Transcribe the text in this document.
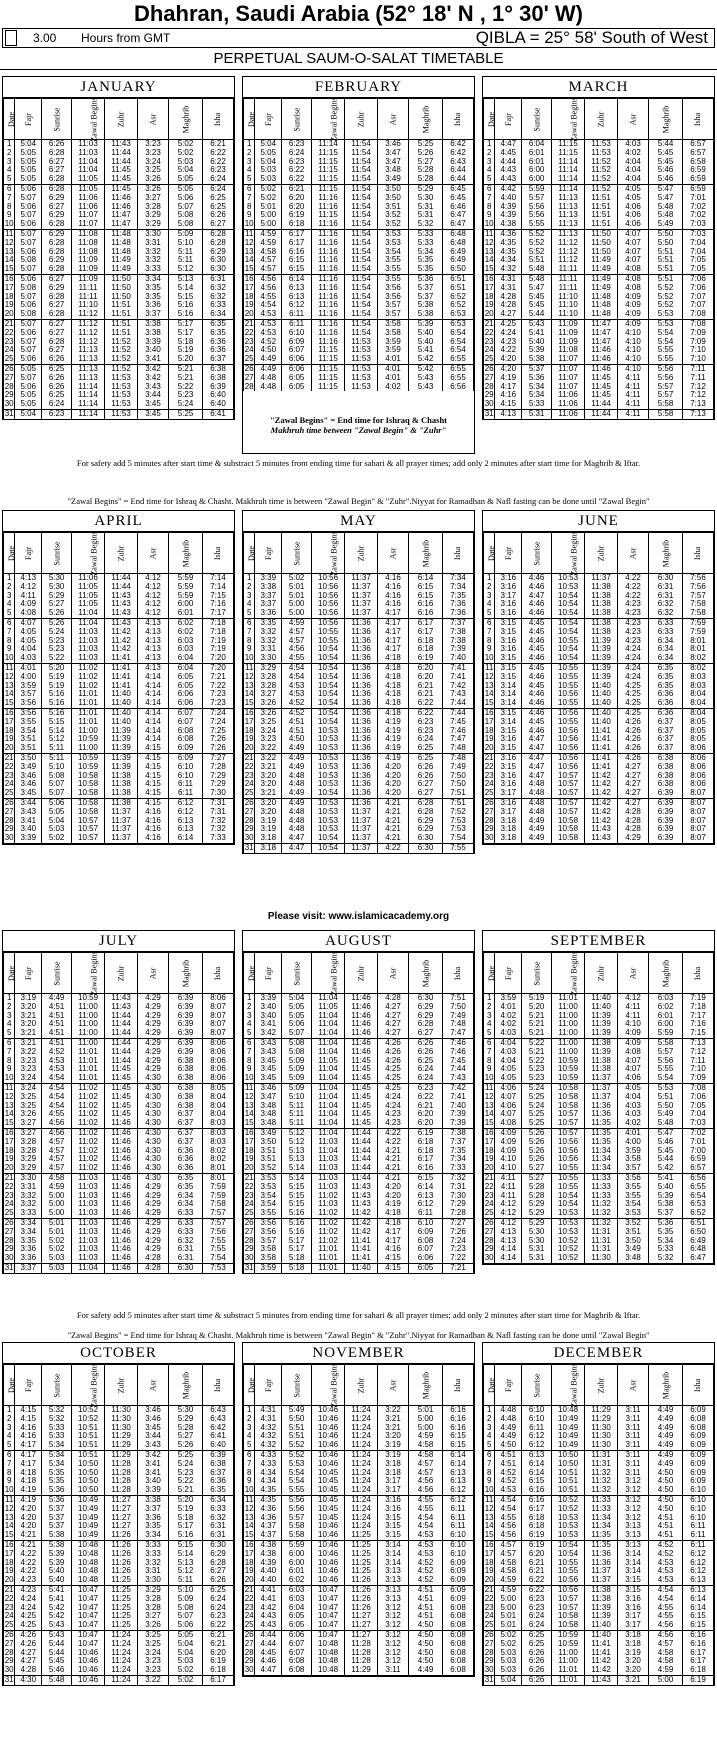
Dhahran, Saudi Arabia (52° 18' N , 1° 30' W)
3.00 Hours from GMT	QIBLA = 25° 58' South of West
PERPETUAL SAUM-O-SALAT TIMETABLE
JANUARY
Date	Fajr	Sunrise	Zawal Begins	Zuhr	Asr	Maghrib	Isha
1	5:04	6:26	11:03	11:43	3:23	5:02	6:21
2	5:05	6:28	11:03	11:44	3:23	5:02	6:22
3	5:05	6:27	11:04	11:44	3:24	5:03	6:22
4	5:05	6:27	11:04	11:45	3:25	5:04	6:23
5	5:05	6:28	11:05	11:45	3:26	5:05	6:24
6	5:06	6:28	11:05	11:45	3:26	5:05	6:24
7	5:07	6:29	11:06	11:46	3:27	5:06	6:25
8	5:06	6:27	11:06	11:46	3:28	5:07	6:25
9	5:07	6:29	11:07	11:47	3:29	5:08	6:26
10	5:06	6:28	11:07	11:47	3:29	5:08	6:27
11	5:07	6:29	11:08	11:48	3:30	5:09	6:28
12	5:07	6:28	11:08	11:48	3:31	5:10	6:28
13	5:06	6:28	11:08	11:48	3:32	5:11	6:29
14	5:08	6:29	11:09	11:49	3:32	5:11	6:30
15	5:07	6:28	11:09	11:49	3:33	5:12	6:30
16	5:06	6:27	11:09	11:50	3:34	5:13	6:31
17	5:08	6:29	11:11	11:50	3:35	5:14	6:32
18	5:07	6:28	11:11	11:50	3:35	5:15	6:32
19	5:06	6:27	11:10	11:51	3:36	5:16	6:33
20	5:08	6:28	11:12	11:51	3:37	5:16	6:34
21	5:07	6:27	11:12	11:51	3:38	5:17	6:35
22	5:06	6:27	11:12	11:51	3:38	5:17	6:35
23	5:07	6:28	11:12	11:52	3:39	5:18	6:36
24	5:07	6:27	11:13	11:52	3:40	5:19	6:36
25	5:06	6:26	11:13	11:52	3:41	5:20	6:37
26	5:05	6:25	11:13	11:52	3:42	5:21	6:38
27	5:07	6:26	11:13	11:53	3:42	5:21	6:38
28	5:06	6:26	11:14	11:53	3:43	5:22	6:39
29	5:05	6:25	11:14	11:53	3:44	5:23	6:40
30	5:05	6:24	11:14	11:53	3:45	5:24	6:40
31	5:04	6:23	11:14	11:53	3:45	5:25	6:41
FEBRUARY
Date	Fajr	Sunrise	Zawal Begins	Zuhr	Asr	Maghrib	Isha
1	5:04	6:23	11:14	11:54	3:46	5:25	6:42
2	5:05	6:24	11:15	11:54	3:47	5:26	6:42
3	5:04	6:23	11:15	11:54	3:47	5:27	6:43
4	5:03	6:22	11:15	11:54	3:48	5:28	6:44
5	5:03	6:22	11:15	11:54	3:49	5:28	6:44
6	5:02	6:21	11:15	11:54	3:50	5:29	6:45
7	5:02	6:20	11:16	11:54	3:50	5:30	6:45
8	5:01	6:20	11:16	11:54	3:51	5:31	6:46
9	5:00	6:19	11:15	11:54	3:52	5:31	6:47
10	5:00	6:18	11:16	11:54	3:52	5:32	6:47
11	4:59	6:17	11:16	11:54	3:53	5:33	6:48
12	4:59	6:17	11:16	11:54	3:53	5:33	6:48
13	4:58	6:16	11:16	11:54	3:54	5:34	6:49
14	4:57	6:15	11:16	11:54	3:55	5:35	6:49
15	4:57	6:15	11:16	11:54	3:55	5:35	6:50
16	4:56	6:14	11:16	11:54	3:55	5:36	6:51
17	4:56	6:13	11:16	11:54	3:56	5:37	6:51
18	4:55	6:13	11:16	11:54	3:56	5:37	6:52
19	4:54	6:12	11:16	11:54	3:57	5:38	6:52
20	4:53	6:11	11:16	11:54	3:57	5:38	6:53
21	4:53	6:11	11:16	11:54	3:58	5:39	6:53
22	4:53	6:10	11:16	11:54	3:58	5:40	6:54
23	4:52	6:09	11:16	11:53	3:59	5:40	6:54
24	4:50	6:07	11:15	11:53	3:59	5:41	6:54
25	4:49	6:06	11:15	11:53	4:01	5:42	6:55
26	4:49	6:06	11:15	11:53	4:01	5:42	6:55
27	4:48	6:05	11:15	11:53	4:01	5:43	6:55
28	4:48	6:05	11:15	11:53	4:02	5:43	6:56
"Zawal Begins" = End time for Ishraq & Chasht
Makhruh time between "Zawal Begin" & "Zuhr"
MARCH
Date	Fajr	Sunrise	Zawal Begins	Zuhr	Asr	Maghrib	Isha
1	4:47	6:04	11:15	11:53	4:03	5:44	6:57
2	4:45	6:01	11:15	11:53	4:02	5:45	6:57
3	4:44	6:01	11:14	11:52	4:04	5:45	6:58
4	4:43	6:00	11:14	11:52	4:04	5:46	6:59
5	4:43	6:00	11:14	11:52	4:04	5:46	6:59
6	4:42	5:59	11:14	11:52	4:05	5:47	6:59
7	4:40	5:57	11:13	11:51	4:05	5:47	7:01
8	4:39	5:56	11:13	11:51	4:06	5:48	7:02
9	4:39	5:56	11:13	11:51	4:06	5:48	7:02
10	4:38	5:55	11:13	11:51	4:06	5:49	7:03
11	4:36	5:52	11:13	11:50	4:07	5:50	7:03
12	4:35	5:52	11:12	11:50	4:07	5:50	7:04
13	4:35	5:52	11:12	11:50	4:07	5:51	7:04
14	4:34	5:51	11:12	11:49	4:07	5:51	7:05
15	4:32	5:48	11:11	11:49	4:08	5:51	7:05
16	4:31	5:48	11:11	11:49	4:08	5:51	7:06
17	4:31	5:47	11:11	11:49	4:08	5:52	7:06
18	4:28	5:45	11:10	11:48	4:09	5:52	7:07
19	4:28	5:45	11:10	11:48	4:09	5:52	7:07
20	4:27	5:44	11:10	11:48	4:09	5:53	7:08
21	4:25	5:43	11:09	11:47	4:09	5:53	7:08
22	4:24	5:41	11:09	11:47	4:10	5:54	7:09
23	4:23	5:40	11:09	11:47	4:10	5:54	7:09
24	4:22	5:39	11:08	11:46	4:10	5:55	7:10
25	4:20	5:38	11:07	11:46	4:10	5:55	7:10
26	4:20	5:37	11:07	11:46	4:10	5:56	7:11
27	4:19	5:36	11:07	11:45	4:11	5:56	7:11
28	4:17	5:34	11:07	11:45	4:11	5:57	7:12
29	4:16	5:34	11:06	11:45	4:11	5:57	7:12
30	4:15	5:33	11:06	11:44	4:11	5:58	7:13
31	4:13	5:31	11:06	11:44	4:11	5:58	7:13
For safety add 5 minutes after start time & substract 5 minutes from ending time for sahari & all prayer times; add only 2 minutes after start time for Maghrib & Iftar.
"Zawal Begins" = End time for Ishraq & Chasht. Makhruh time is between "Zawal Begin" & "Zuhr".Niyyat for Ramadhan & Nafl fasting can be done until "Zawal Begin"
APRIL
Date	Fajr	Sunrise	Zawal Begins	Zuhr	Asr	Maghrib	Isha
1	4:13	5:30	11:06	11:44	4:12	5:59	7:14
2	4:12	5:30	11:05	11:44	4:12	5:59	7:14
3	4:11	5:29	11:05	11:43	4:12	5:59	7:15
4	4:09	5:27	11:05	11:43	4:12	6:00	7:16
5	4:08	5:26	11:04	11:43	4:12	6:01	7:17
6	4:07	5:26	11:04	11:43	4:13	6:02	7:18
7	4:05	5:24	11:03	11:42	4:13	6:02	7:18
8	4:05	5:23	11:03	11:42	4:13	6:03	7:19
9	4:04	5:23	11:03	11:42	4:13	6:03	7:19
10	4:03	5:22	11:03	11:41	4:13	6:04	7:20
11	4:01	5:20	11:02	11:41	4:13	6:04	7:20
12	4:00	5:19	11:02	11:41	4:14	6:05	7:21
13	3:59	5:19	11:02	11:41	4:14	6:05	7:22
14	3:57	5:16	11:01	11:40	4:14	6:06	7:23
15	3:56	5:16	11:01	11:40	4:14	6:06	7:23
16	3:56	5:16	11:01	11:40	4:14	6:07	7:24
17	3:55	5:15	11:01	11:40	4:14	6:07	7:24
18	3:54	5:14	11:00	11:39	4:14	6:08	7:25
19	3:51	5:12	10:59	11:39	4:14	6:08	7:26
20	3:51	5:11	11:00	11:39	4:15	6:09	7:26
21	3:50	5:11	10:59	11:39	4:15	6:09	7:27
22	3:49	5:10	10:59	11:39	4:15	6:10	7:28
23	3:46	5:08	10:58	11:38	4:15	6:10	7:29
24	3:46	5:07	10:58	11:38	4:15	6:11	7:29
25	3:45	5:07	10:58	11:38	4:15	6:11	7:30
26	3:44	5:06	10:58	11:38	4:15	6:12	7:31
27	3:43	5:05	10:58	11:37	4:16	6:12	7:31
28	3:41	5:04	10:57	11:37	4:16	6:13	7:32
29	3:40	5:03	10:57	11:37	4:16	6:13	7:32
30	3:39	5:02	10:57	11:37	4:16	6:14	7:33
MAY
Date	Fajr	Sunrise	Zawal Begins	Zuhr	Asr	Maghrib	Isha
1	3:39	5:02	10:56	11:37	4:16	6:14	7:34
2	3:38	5:01	10:56	11:37	4:16	6:15	7:34
3	3:37	5:01	10:56	11:37	4:16	6:15	7:35
4	3:37	5:00	10:56	11:37	4:16	6:16	7:36
5	3:36	5:00	10:56	11:37	4:17	6:16	7:36
6	3:35	4:59	10:56	11:36	4:17	6:17	7:37
7	3:32	4:57	10:55	11:36	4:17	6:17	7:38
8	3:32	4:57	10:55	11:36	4:17	6:18	7:38
9	3:31	4:56	10:54	11:36	4:17	6:18	7:39
10	3:30	4:55	10:54	11:36	4:18	6:19	7:40
11	3:29	4:54	10:54	11:36	4:18	6:20	7:41
12	3:28	4:54	10:54	11:36	4:18	6:20	7:41
13	3:28	4:53	10:54	11:36	4:18	6:21	7:42
14	3:27	4:53	10:54	11:36	4:18	6:21	7:43
15	3:26	4:52	10:54	11:36	4:18	6:22	7:44
16	3:26	4:52	10:54	11:36	4:18	6:22	7:44
17	3:25	4:51	10:54	11:36	4:19	6:23	7:45
18	3:24	4:51	10:53	11:36	4:19	6:23	7:46
19	3:23	4:50	10:53	11:36	4:19	6:24	7:47
20	3:22	4:49	10:53	11:36	4:19	6:25	7:48
21	3:22	4:49	10:53	11:36	4:19	6:25	7:48
22	3:21	4:49	10:53	11:36	4:20	6:26	7:49
23	3:20	4:48	10:53	11:36	4:20	6:26	7:50
24	3:20	4:48	10:53	11:36	4:20	6:27	7:50
25	3:21	4:49	10:54	11:36	4:20	6:27	7:51
26	3:20	4:49	10:53	11:36	4:21	6:28	7:51
27	3:20	4:48	10:53	11:37	4:21	6:28	7:52
28	3:19	4:48	10:53	11:37	4:21	6:29	7:53
29	3:19	4:48	10:53	11:37	4:21	6:29	7:53
30	3:18	4:47	10:54	11:37	4:21	6:30	7:54
31	3:18	4:47	10:54	11:37	4:22	6:30	7:55
JUNE
Date	Fajr	Sunrise	Zawal Begins	Zuhr	Asr	Maghrib	Isha
1	3:16	4:46	10:53	11:37	4:22	6:30	7:56
2	3:16	4:46	10:53	11:38	4:22	6:31	7:56
3	3:17	4:47	10:54	11:38	4:22	6:31	7:57
4	3:16	4:46	10:54	11:38	4:23	6:32	7:58
5	3:16	4:46	10:54	11:38	4:23	6:32	7:58
6	3:15	4:45	10:54	11:38	4:23	6:33	7:59
7	3:15	4:45	10:54	11:38	4:23	6:33	7:59
8	3:16	4:46	10:55	11:39	4:23	6:34	8:01
9	3:16	4:45	10:54	11:39	4:24	6:34	8:01
10	3:15	4:46	10:54	11:39	4:24	6:34	8:02
11	3:15	4:45	10:55	11:39	4:24	6:35	8:02
12	3:15	4:46	10:55	11:39	4:24	6:35	8:03
13	3:14	4:45	10:55	11:40	4:25	6:35	8:03
14	3:14	4:46	10:56	11:40	4:25	6:36	8:04
15	3:14	4:46	10:55	11:40	4:25	6:36	8:04
16	3:15	4:46	10:56	11:40	4:25	6:36	8:04
17	3:14	4:45	10:55	11:40	4:26	6:37	8:05
18	3:15	4:46	10:56	11:41	4:26	6:37	8:05
19	3:16	4:47	10:56	11:41	4:26	6:37	8:05
20	3:15	4:47	10:56	11:41	4:26	6:37	8:06
21	3:16	4:47	10:56	11:41	4:26	6:38	8:06
22	3:15	4:47	10:56	11:41	4:27	6:38	8:06
23	3:16	4:47	10:57	11:42	4:27	6:38	8:06
24	3:16	4:48	10:57	11:42	4:27	6:38	8:06
25	3:17	4:48	10:57	11:42	4:27	6:39	8:07
26	3:16	4:48	10:57	11:42	4:27	6:39	8:07
27	3:17	4:48	10:57	11:42	4:28	6:39	8:07
28	3:18	4:49	10:58	11:42	4:28	6:39	8:07
29	3:18	4:49	10:58	11:43	4:28	6:39	8:07
30	3:18	4:49	10:58	11:43	4:29	6:39	8:07
Please visit: www.islamicacademy.org
JULY
Date	Fajr	Sunrise	Zawal Begins	Zuhr	Asr	Maghrib	Isha
1	3:19	4:49	10:59	11:43	4:29	6:39	8:06
2	3:20	4:51	11:00	11:43	4:29	6:39	8:07
3	3:21	4:51	11:00	11:44	4:29	6:39	8:07
4	3:20	4:51	11:00	11:44	4:29	6:39	8:07
5	3:21	4:51	11:00	11:44	4:29	6:39	8:07
6	3:21	4:51	11:00	11:44	4:29	6:39	8:06
7	3:22	4:52	11:01	11:44	4:29	6:39	8:06
8	3:23	4:53	11:01	11:44	4:29	6:38	8:06
9	3:23	4:53	11:01	11:45	4:29	6:38	8:06
10	3:24	4:54	11:01	11:45	4:30	6:38	8:06
11	3:24	4:54	11:02	11:45	4:30	6:38	8:05
12	3:25	4:54	11:02	11:45	4:30	6:38	8:04
13	3:25	4:54	11:02	11:45	4:30	6:38	8:04
14	3:26	4:55	11:02	11:45	4:30	6:37	8:04
15	3:27	4:56	11:02	11:46	4:30	6:37	8:03
16	3:27	4:56	11:02	11:46	4:30	6:37	8:03
17	3:28	4:57	11:02	11:46	4:30	6:37	8:03
18	3:28	4:57	11:02	11:46	4:30	6:36	8:02
19	3:29	4:57	11:02	11:46	4:30	6:36	8:02
20	3:29	4:57	11:02	11:46	4:30	6:36	8:01
21	3:30	4:58	11:03	11:46	4:30	6:35	8:01
22	3:31	4:59	11:03	11:46	4:29	6:35	7:59
23	3:32	5:00	11:03	11:46	4:29	6:34	7:59
24	3:32	5:00	11:03	11:46	4:29	6:34	7:58
25	3:33	5:00	11:03	11:46	4:29	6:33	7:57
26	3:34	5:01	11:03	11:46	4:29	6:33	7:57
27	3:34	5:01	11:03	11:46	4:29	6:33	7:56
28	3:35	5:02	11:03	11:46	4:29	6:32	7:55
29	3:36	5:02	11:03	11:46	4:29	6:31	7:55
30	3:36	5:03	11:03	11:46	4:28	6:31	7:54
31	3:37	5:03	11:04	11:46	4:28	6:30	7:53
AUGUST
Date	Fajr	Sunrise	Zawal Begins	Zuhr	Asr	Maghrib	Isha
1	3:39	5:04	11:04	11:46	4:28	6:30	7:51
2	3:40	5:05	11:05	11:46	4:27	6:29	7:50
3	3:40	5:05	11:04	11:46	4:27	6:29	7:49
4	3:41	5:06	11:04	11:46	4:27	6:28	7:48
5	3:42	5:07	11:04	11:46	4:27	6:27	7:47
6	3:43	5:08	11:04	11:46	4:26	6:26	7:46
7	3:43	5:08	11:04	11:46	4:26	6:26	7:46
8	3:45	5:09	11:05	11:45	4:26	6:25	7:45
9	3:45	5:09	11:04	11:45	4:25	6:24	7:44
10	3:45	5:09	11:04	11:45	4:25	6:24	7:43
11	3:46	5:09	11:04	11:45	4:25	6:23	7:42
12	3:47	5:10	11:04	11:45	4:24	6:22	7:41
13	3:48	5:11	11:04	11:45	4:24	6:21	7:40
14	3:48	5:11	11:04	11:45	4:23	6:20	7:39
15	3:48	5:11	11:04	11:45	4:23	6:20	7:39
16	3:49	5:12	11:04	11:44	4:22	6:19	7:38
17	3:50	5:12	11:03	11:44	4:22	6:18	7:37
18	3:51	5:13	11:04	11:44	4:21	6:18	7:35
19	3:51	5:13	11:03	11:44	4:21	6:17	7:34
20	3:52	5:14	11:03	11:44	4:21	6:16	7:33
21	3:53	5:14	11:03	11:44	4:21	6:15	7:32
22	3:53	5:15	11:03	11:43	4:20	6:14	7:31
23	3:54	5:15	11:02	11:43	4:20	6:13	7:30
24	3:54	5:15	11:03	11:43	4:19	6:12	7:29
25	3:55	5:16	11:02	11:42	4:18	6:11	7:28
26	3:56	5:16	11:02	11:42	4:18	6:10	7:27
27	3:56	5:16	11:02	11:42	4:17	6:09	7:26
28	3:57	5:17	11:02	11:41	4:17	6:08	7:24
29	3:58	5:17	11:01	11:41	4:16	6:07	7:23
30	3:58	5:18	11:01	11:41	4:15	6:06	7:22
31	3:59	5:18	11:01	11:40	4:15	6:05	7:21
SEPTEMBER
Date	Fajr	Sunrise	Zawal Begins	Zuhr	Asr	Maghrib	Isha
1	3:59	5:19	11:01	11:40	4:12	6:03	7:19
2	4:01	5:20	11:00	11:40	4:11	6:02	7:18
3	4:02	5:21	11:00	11:39	4:11	6:01	7:17
4	4:02	5:21	11:00	11:39	4:10	6:00	7:16
5	4:03	5:21	11:00	11:39	4:09	5:59	7:15
6	4:04	5:22	11:00	11:38	4:09	5:58	7:13
7	4:03	5:21	11:00	11:39	4:08	5:57	7:12
8	4:04	5:22	10:59	11:38	4:07	5:56	7:11
9	4:05	5:23	10:59	11:38	4:07	5:55	7:10
10	4:05	5:23	10:59	11:37	4:06	5:54	7:09
11	4:06	5:24	10:58	11:37	4:05	5:53	7:08
12	4:07	5:25	10:58	11:37	4:04	5:51	7:06
13	4:06	5:24	10:58	11:36	4:03	5:50	7:05
14	4:07	5:25	10:57	11:36	4:03	5:49	7:04
15	4:08	5:25	10:57	11:35	4:02	5:48	7:03
16	4:09	5:26	10:57	11:35	4:01	5:47	7:02
17	4:09	5:26	10:56	11:35	4:00	5:46	7:01
18	4:09	5:26	10:56	11:34	3:59	5:45	7:00
19	4:10	5:26	10:56	11:34	3:58	5:44	6:59
20	4:10	5:27	10:55	11:34	3:57	5:42	6:57
21	4:11	5:27	10:55	11:33	3:56	5:41	6:56
22	4:11	5:28	10:55	11:33	3:55	5:40	6:55
23	4:11	5:28	10:54	11:33	3:55	5:39	6:54
24	4:12	5:29	10:54	11:32	3:54	5:38	6:53
25	4:12	5:29	10:53	11:32	3:53	5:37	6:52
26	4:12	5:29	10:53	11:32	3:52	5:36	6:51
27	4:13	5:30	10:53	11:31	3:51	5:35	6:50
28	4:13	5:30	10:52	11:31	3:50	5:34	6:49
29	4:14	5:31	10:52	11:31	3:49	5:33	6:48
30	4:14	5:31	10:52	11:30	3:48	5:32	6:47
For safety add 5 minutes after start time & substract 5 minutes from ending time for sahari & all prayer times; add only 2 minutes after start time for Maghrib & Iftar.
"Zawal Begins" = End time for Ishraq & Chasht. Makhruh time is between "Zawal Begin" & "Zuhr".Niyyat for Ramadhan & Nafl fasting can be done until "Zawal Begin"
OCTOBER
Date	Fajr	Sunrise	Zawal Begins	Zuhr	Asr	Maghrib	Isha
1	4:15	5:32	10:52	11:30	3:46	5:30	6:43
2	4:15	5:32	10:52	11:30	3:46	5:29	6:43
3	4:16	5:33	10:51	11:30	3:45	5:28	6:42
4	4:16	5:33	10:51	11:29	3:44	5:27	6:41
5	4:17	5:34	10:51	11:29	3:43	5:26	6:40
6	4:17	5:34	10:51	11:29	3:42	5:25	6:39
7	4:17	5:34	10:50	11:28	3:41	5:24	6:38
8	4:18	5:35	10:50	11:28	3:41	5:23	6:37
9	4:18	5:35	10:50	11:28	3:40	5:22	6:36
10	4:19	5:36	10:50	11:28	3:39	5:21	6:35
11	4:19	5:36	10:49	11:27	3:38	5:20	6:34
12	4:20	5:37	10:49	11:27	3:37	5:19	6:33
13	4:20	5:37	10:49	11:27	3:36	5:18	6:32
14	4:20	5:37	10:49	11:27	3:35	5:17	6:31
15	4:21	5:38	10:49	11:26	3:34	5:16	6:31
16	4:21	5:38	10:48	11:26	3:33	5:15	6:30
17	4:22	5:39	10:48	11:26	3:33	5:14	6:29
18	4:22	5:39	10:48	11:26	3:32	5:13	6:28
19	4:22	5:40	10:48	11:26	3:31	5:12	6:27
20	4:23	5:40	10:48	11:25	3:30	5:11	6:26
21	4:23	5:41	10:47	11:25	3:29	5:10	6:25
22	4:24	5:41	10:47	11:25	3:28	5:09	6:24
23	4:24	5:42	10:47	11:25	3:28	5:08	6:24
24	4:25	5:42	10:47	11:25	3:27	5:07	6:23
25	4:25	5:43	10:47	11:25	3:26	5:06	6:22
26	4:26	5:43	10:47	11:24	3:25	5:05	6:21
27	4:26	5:44	10:47	11:24	3:25	5:04	6:21
28	4:27	5:44	10:46	11:24	3:24	5:04	6:20
29	4:27	5:45	10:46	11:24	3:23	5:03	6:19
30	4:28	5:46	10:46	11:24	3:23	5:02	6:18
31	4:30	5:48	10:46	11:24	3:22	5:02	6:17
NOVEMBER
Date	Fajr	Sunrise	Zawal Begins	Zuhr	Asr	Maghrib	Isha
1	4:31	5:49	10:46	11:24	3:22	5:01	6:16
2	4:31	5:50	10:46	11:24	3:21	5:00	6:16
3	4:32	5:51	10:46	11:24	3:21	5:00	6:16
4	4:32	5:51	10:46	11:24	3:20	4:59	6:15
5	4:32	5:52	10:46	11:24	3:19	4:58	6:15
6	4:33	5:52	10:46	11:24	3:19	4:58	6:14
7	4:33	5:53	10:46	11:24	3:18	4:57	6:14
8	4:34	5:54	10:45	11:24	3:18	4:57	6:13
9	4:34	5:54	10:45	11:24	3:17	4:56	6:13
10	4:35	5:55	10:45	11:24	3:17	4:56	6:12
11	4:35	5:56	10:45	11:24	3:16	4:55	6:12
12	4:36	5:56	10:45	11:24	3:16	4:55	6:11
13	4:36	5:57	10:45	11:24	3:15	4:54	6:11
14	4:37	5:58	10:46	11:24	3:15	4:54	6:11
15	4:37	5:58	10:46	11:25	3:15	4:53	6:10
16	4:38	5:59	10:46	11:25	3:14	4:53	6:10
17	4:38	6:00	10:46	11:25	3:14	4:53	6:10
18	4:39	6:00	10:46	11:25	3:14	4:52	6:09
19	4:40	6:01	10:46	11:25	3:13	4:52	6:09
20	4:40	6:02	10:46	11:26	3:13	4:52	6:09
21	4:41	6:03	10:47	11:26	3:13	4:51	6:09
22	4:41	6:03	10:47	11:26	3:13	4:51	6:09
23	4:42	6:04	10:47	11:26	3:12	4:51	6:08
24	4:43	6:05	10:47	11:27	3:12	4:51	6:08
25	4:43	6:05	10:47	11:27	3:12	4:50	6:08
26	4:44	6:06	10:47	11:27	3:12	4:50	6:08
27	4:44	6:07	10:48	11:28	3:12	4:50	6:08
28	4:45	6:07	10:48	11:28	3:12	4:50	6:08
29	4:46	6:08	10:48	11:28	3:12	4:50	6:08
30	4:47	6:08	10:48	11:29	3:11	4:49	6:08
DECEMBER
Date	Fajr	Sunrise	Zawal Begins	Zuhr	Asr	Maghrib	Isha
1	4:48	6:10	10:48	11:29	3:11	4:49	6:09
2	4:48	6:10	10:49	11:29	3:11	4:49	6:08
3	4:49	6:11	10:49	11:30	3:11	4:49	6:08
4	4:49	6:12	10:49	11:30	3:11	4:49	6:09
5	4:50	6:12	10:49	11:30	3:11	4:49	6:09
6	4:51	6:13	10:50	11:31	3:11	4:49	6:09
7	4:51	6:14	10:50	11:31	3:11	4:49	6:09
8	4:52	6:14	10:51	11:32	3:11	4:50	6:09
9	4:52	6:15	10:51	11:32	3:12	4:50	6:09
10	4:53	6:16	10:51	11:32	3:12	4:50	6:10
11	4:54	6:16	10:52	11:33	3:12	4:50	6:10
12	4:54	6:17	10:52	11:33	3:12	4:50	6:10
13	4:55	6:18	10:53	11:34	3:12	4:51	6:10
14	4:56	6:18	10:53	11:34	3:13	4:51	6:11
15	4:56	6:19	10:53	11:35	3:13	4:51	6:11
16	4:57	6:19	10:54	11:35	3:13	4:52	6:11
17	4:57	6:20	10:54	11:36	3:14	4:52	6:12
18	4:58	6:21	10:55	11:36	3:14	4:53	6:12
19	4:58	6:21	10:55	11:37	3:14	4:53	6:12
20	4:59	6:22	10:56	11:37	3:15	4:53	6:13
21	4:59	6:22	10:56	11:38	3:15	4:54	6:13
22	5:00	6:23	10:57	11:38	3:16	4:54	6:14
23	5:00	6:23	10:57	11:39	3:16	4:55	6:14
24	5:01	6:24	10:58	11:39	3:17	4:55	6:15
25	5:01	6:24	10:58	11:40	3:17	4:56	6:15
26	5:02	6:25	10:59	11:40	3:18	4:56	6:16
27	5:02	6:25	10:59	11:41	3:18	4:57	6:16
28	5:03	6:26	11:00	11:41	3:19	4:58	6:17
29	5:03	6:26	11:00	11:42	3:20	4:58	6:17
30	5:03	6:26	11:01	11:42	3:20	4:59	6:18
31	5:04	6:26	11:01	11:43	3:21	5:00	6:19
